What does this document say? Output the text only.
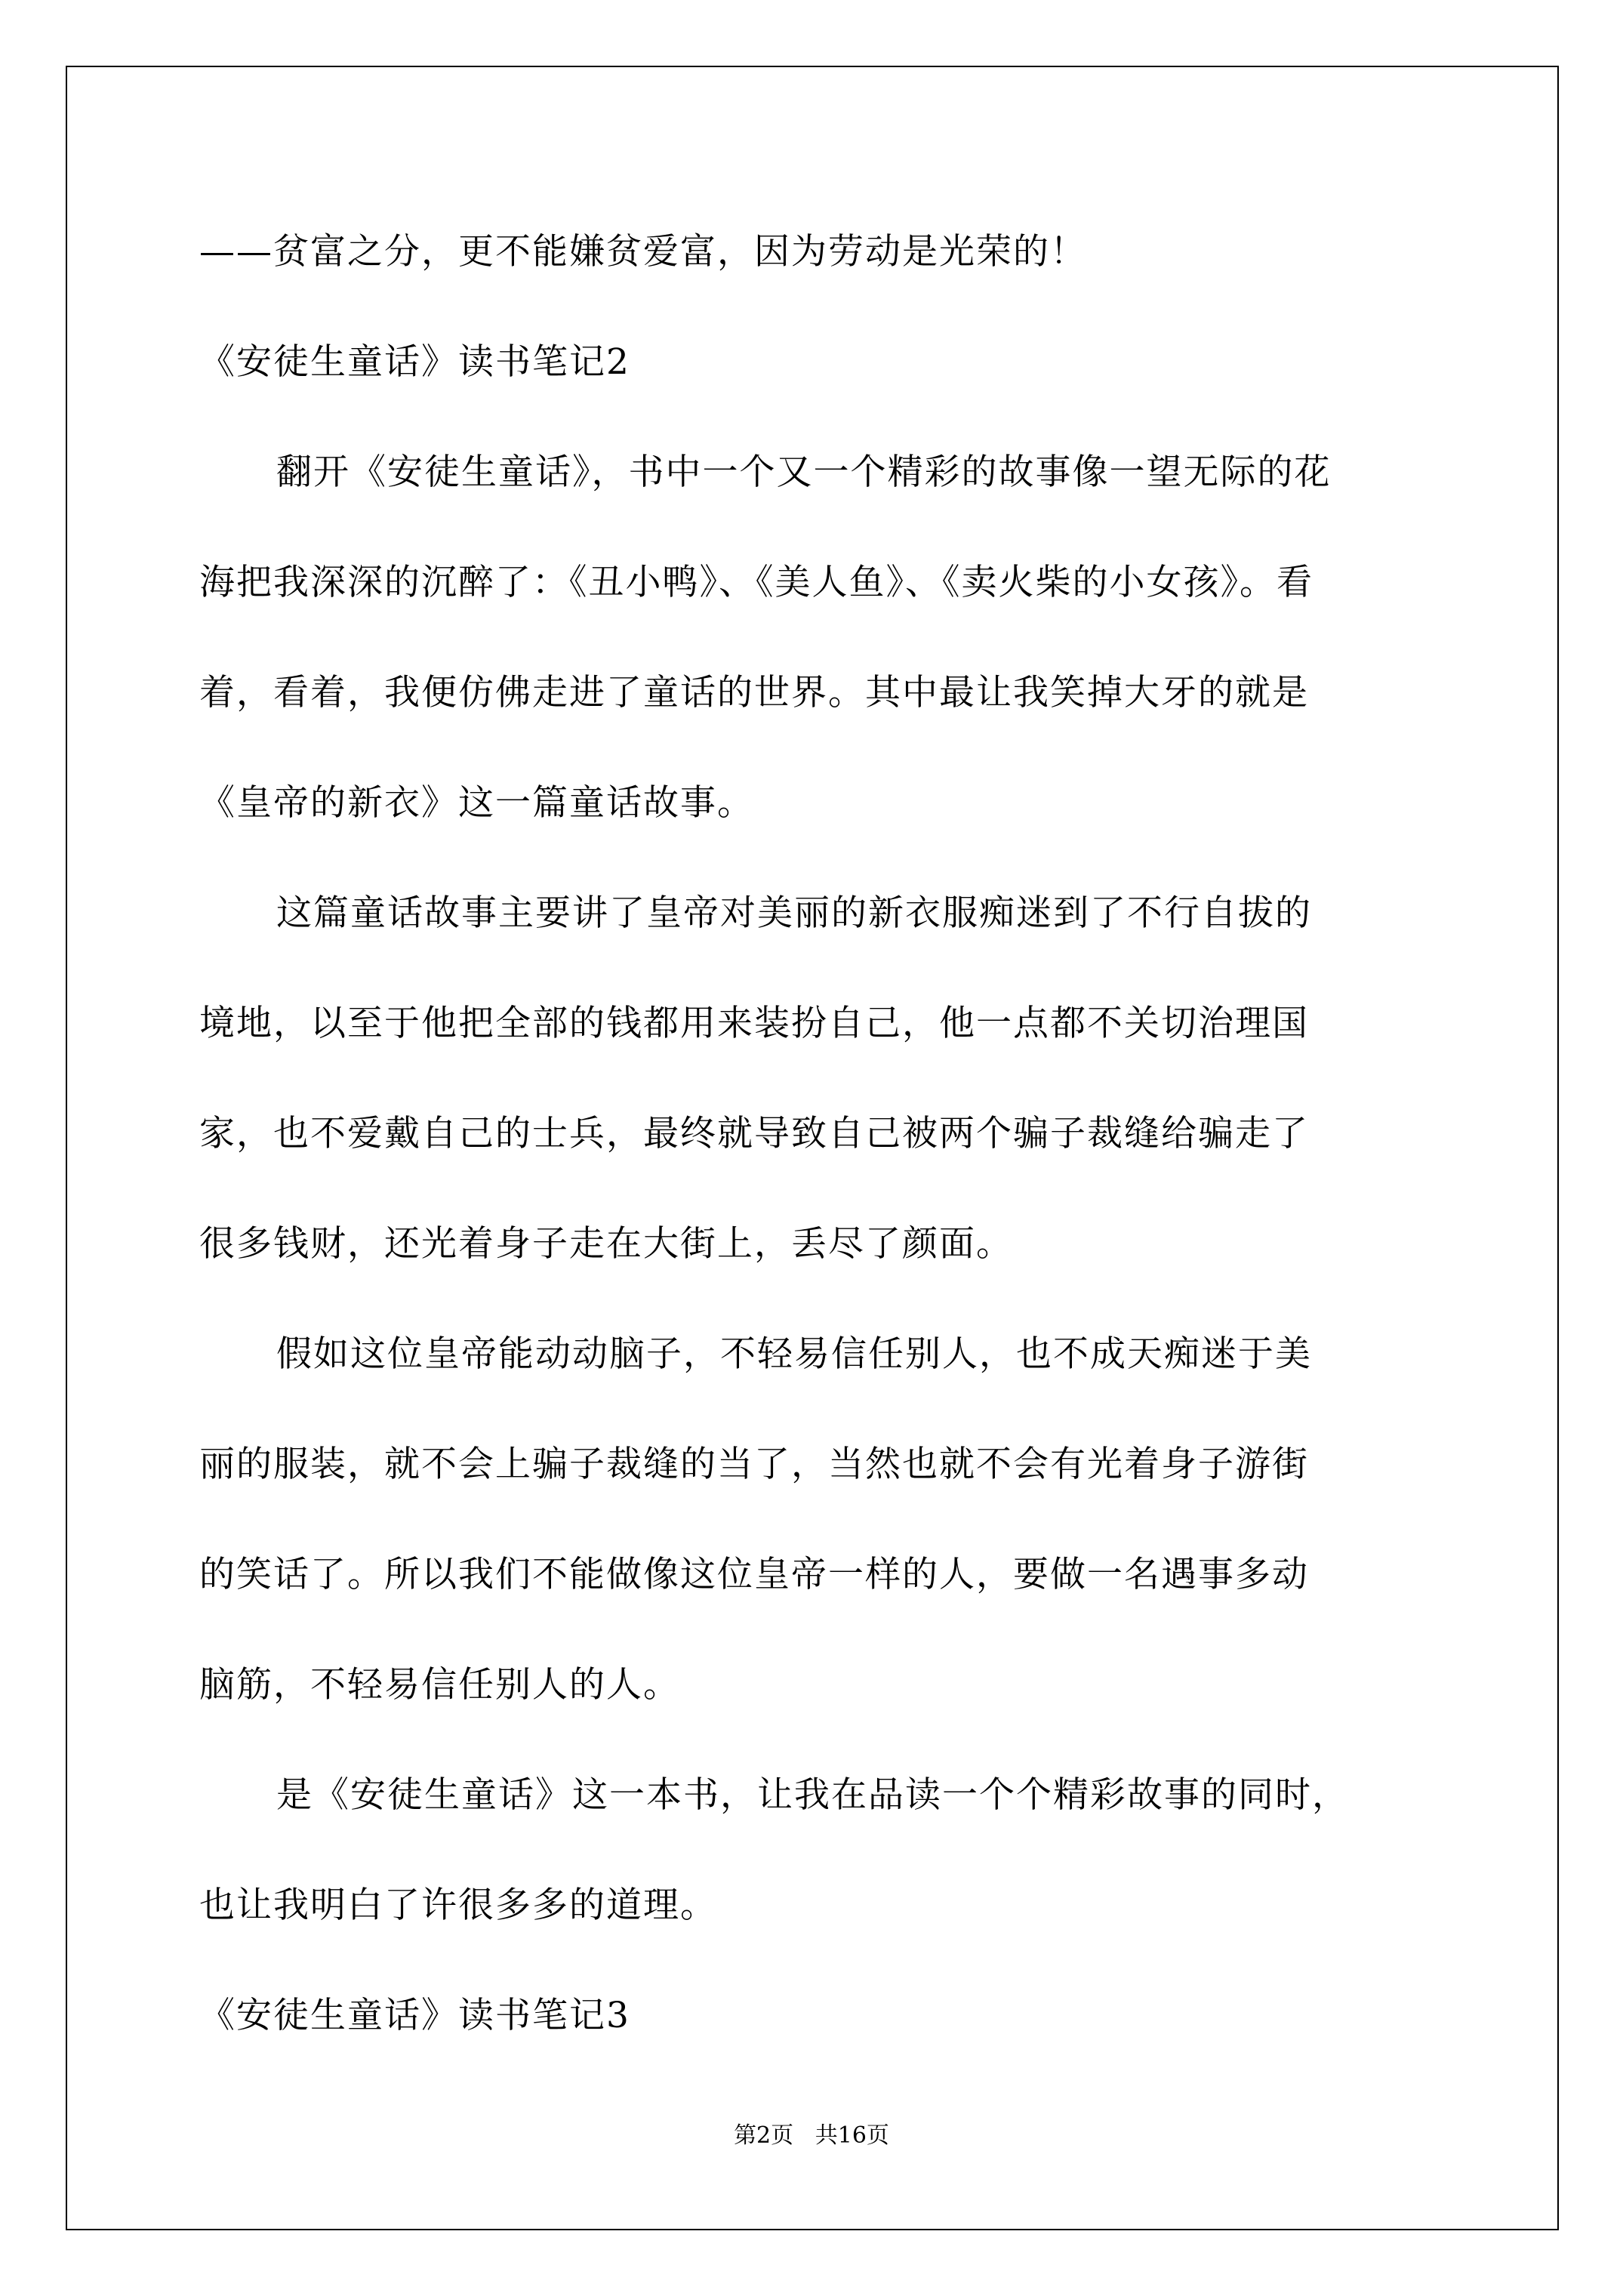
——贫富之分，更不能嫌贫爱富，因为劳动是光荣的！

《安徒生童话》读书笔记2

翻开《安徒生童话》，书中一个又一个精彩的故事像一望无际的花

海把我深深的沉醉了：《丑小鸭》、《美人鱼》、《卖火柴的小女孩》。看

着，看着，我便仿佛走进了童话的世界。其中最让我笑掉大牙的就是

《皇帝的新衣》这一篇童话故事。

这篇童话故事主要讲了皇帝对美丽的新衣服痴迷到了不行自拔的

境地，以至于他把全部的钱都用来装扮自己，他一点都不关切治理国

家，也不爱戴自己的士兵，最终就导致自己被两个骗子裁缝给骗走了

很多钱财，还光着身子走在大街上，丢尽了颜面。

假如这位皇帝能动动脑子，不轻易信任别人，也不成天痴迷于美

丽的服装，就不会上骗子裁缝的当了，当然也就不会有光着身子游街

的笑话了。所以我们不能做像这位皇帝一样的人，要做一名遇事多动

脑筋，不轻易信任别人的人。

是《安徒生童话》这一本书，让我在品读一个个精彩故事的同时，

也让我明白了许很多多的道理。

《安徒生童话》读书笔记3

第2页   共16页
